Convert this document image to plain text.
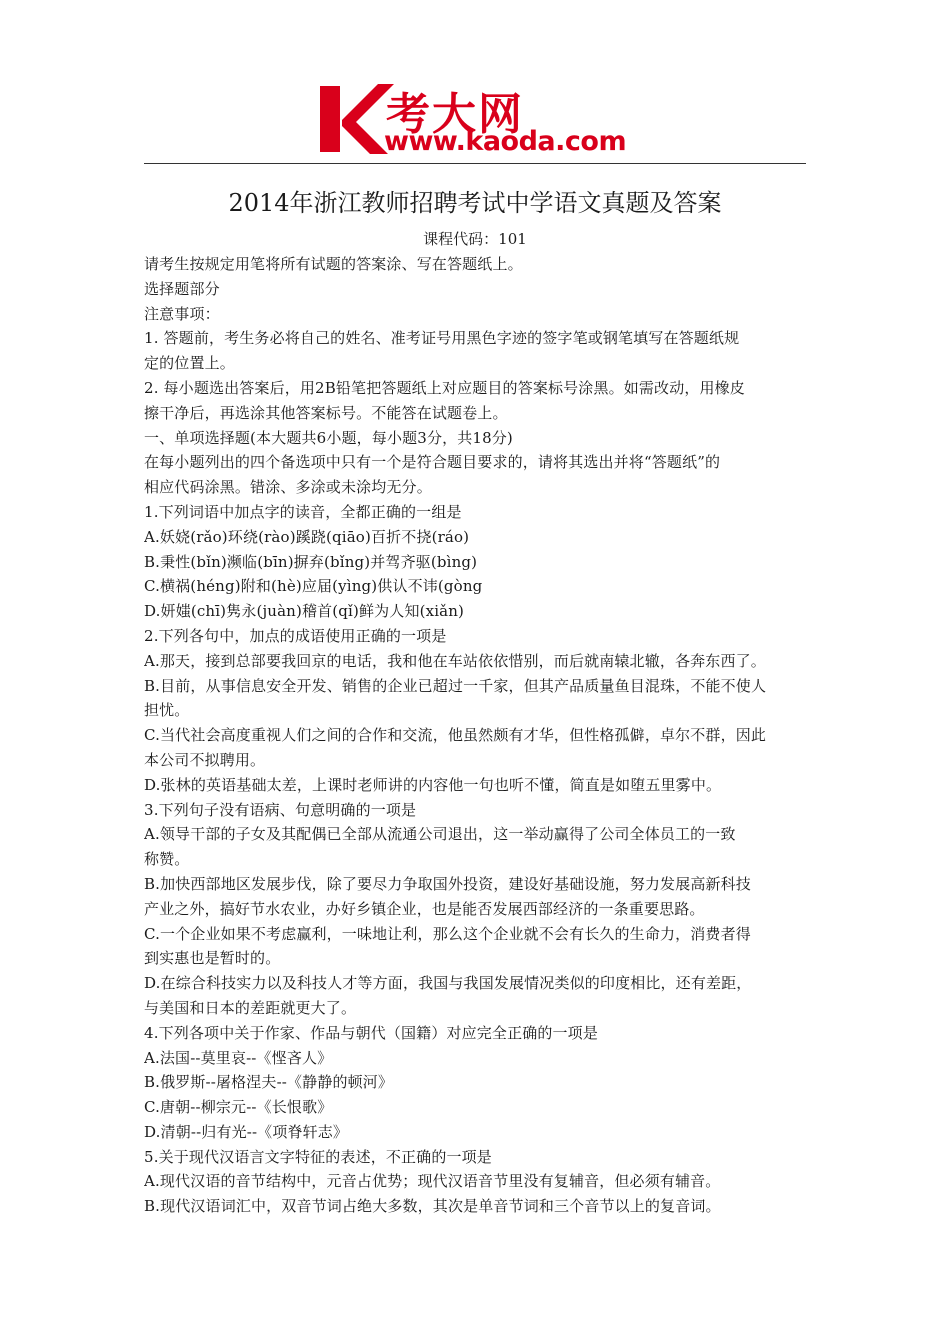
考大网
www.kaoda.com
2014年浙江教师招聘考试中学语文真题及答案
课程代码：101
请考生按规定用笔将所有试题的答案涂、写在答题纸上。
选择题部分
注意事项：
1. 答题前，考生务必将自己的姓名、准考证号用黑色字迹的签字笔或钢笔填写在答题纸规
定的位置上。
2. 每小题选出答案后，用2B铅笔把答题纸上对应题目的答案标号涂黑。如需改动，用橡皮
擦干净后，再选涂其他答案标号。不能答在试题卷上。
一、单项选择题(本大题共6小题，每小题3分，共18分)
在每小题列出的四个备选项中只有一个是符合题目要求的，请将其选出并将“答题纸”的
相应代码涂黑。错涂、多涂或未涂均无分。
1.下列词语中加点字的读音，全都正确的一组是
A.妖娆(rǎo)环绕(rào)蹊跷(qiāo)百折不挠(ráo)
B.秉性(bǐn)濒临(bīn)摒弃(bǐng)并驾齐驱(bìng)
C.横祸(héng)附和(hè)应届(yìng)供认不讳(gòng
D.妍媸(chī)隽永(juàn)稽首(qǐ)鲜为人知(xiǎn)
2.下列各句中，加点的成语使用正确的一项是
A.那天，接到总部要我回京的电话，我和他在车站依依惜别，而后就南辕北辙，各奔东西了。
B.目前，从事信息安全开发、销售的企业已超过一千家，但其产品质量鱼目混珠，不能不使人
担忧。
C.当代社会高度重视人们之间的合作和交流，他虽然颇有才华，但性格孤僻，卓尔不群，因此
本公司不拟聘用。
D.张林的英语基础太差，上课时老师讲的内容他一句也听不懂，简直是如堕五里雾中。
3.下列句子没有语病、句意明确的一项是
A.领导干部的子女及其配偶已全部从流通公司退出，这一举动赢得了公司全体员工的一致
称赞。
B.加快西部地区发展步伐，除了要尽力争取国外投资，建设好基础设施，努力发展高新科技
产业之外，搞好节水农业，办好乡镇企业，也是能否发展西部经济的一条重要思路。
C.一个企业如果不考虑赢利，一味地让利，那么这个企业就不会有长久的生命力，消费者得
到实惠也是暂时的。
D.在综合科技实力以及科技人才等方面，我国与我国发展情况类似的印度相比，还有差距，
与美国和日本的差距就更大了。
4.下列各项中关于作家、作品与朝代（国籍）对应完全正确的一项是
A.法国--莫里哀--《悭吝人》
B.俄罗斯--屠格涅夫--《静静的顿河》
C.唐朝--柳宗元--《长恨歌》
D.清朝--归有光--《项脊轩志》
5.关于现代汉语言文字特征的表述，不正确的一项是
A.现代汉语的音节结构中，元音占优势；现代汉语音节里没有复辅音，但必须有辅音。
B.现代汉语词汇中，双音节词占绝大多数，其次是单音节词和三个音节以上的复音词。
